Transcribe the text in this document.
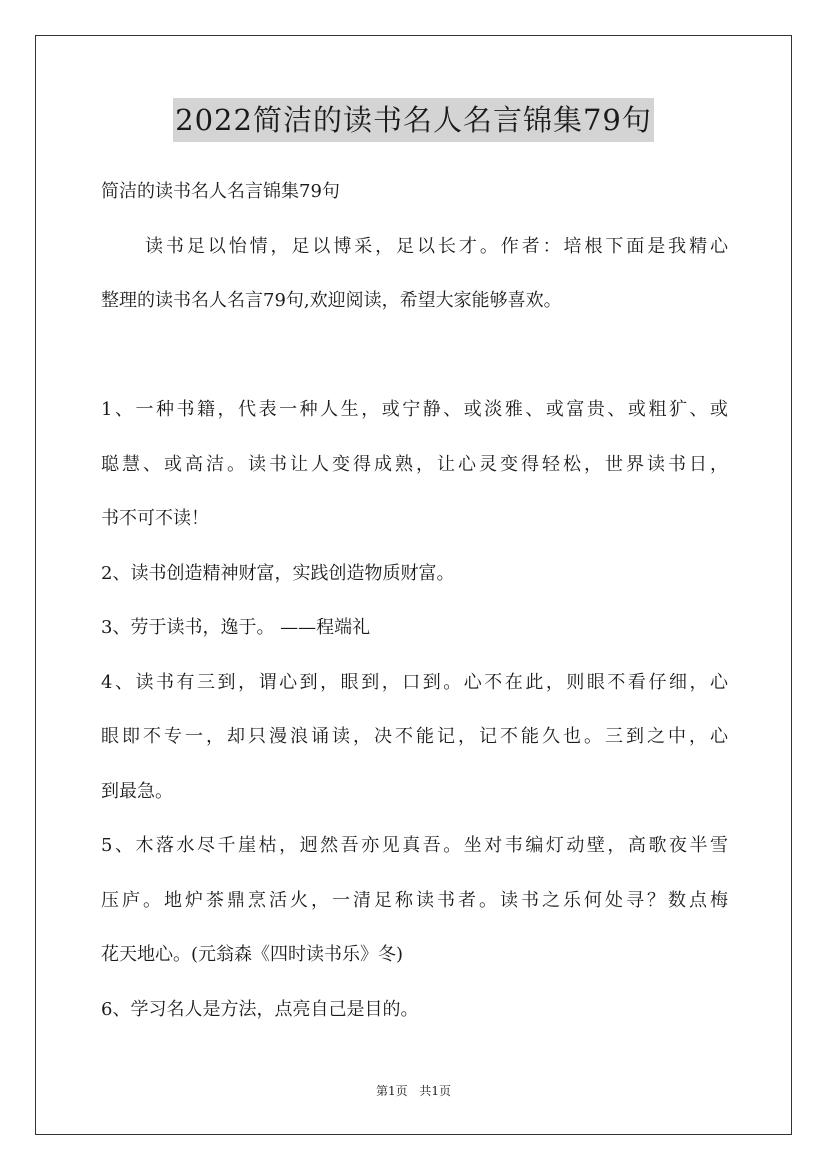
2022简洁的读书名人名言锦集79句
简洁的读书名人名言锦集79句
读书足以怡情，足以博采，足以长才。作者：培根下面是我精心
整理的读书名人名言79句,欢迎阅读，希望大家能够喜欢。
1、一种书籍，代表一种人生，或宁静、或淡雅、或富贵、或粗犷、或
聪慧、或高洁。读书让人变得成熟，让心灵变得轻松，世界读书日，
书不可不读！
2、读书创造精神财富，实践创造物质财富。
3、劳于读书，逸于。 ——程端礼
4、读书有三到，谓心到，眼到，口到。心不在此，则眼不看仔细，心
眼即不专一，却只漫浪诵读，决不能记，记不能久也。三到之中，心
到最急。
5、木落水尽千崖枯，迥然吾亦见真吾。坐对韦编灯动壁，高歌夜半雪
压庐。地炉茶鼎烹活火，一清足称读书者。读书之乐何处寻？数点梅
花天地心。(元翁森《四时读书乐》冬)
6、学习名人是方法，点亮自己是目的。
第1页 共1页
